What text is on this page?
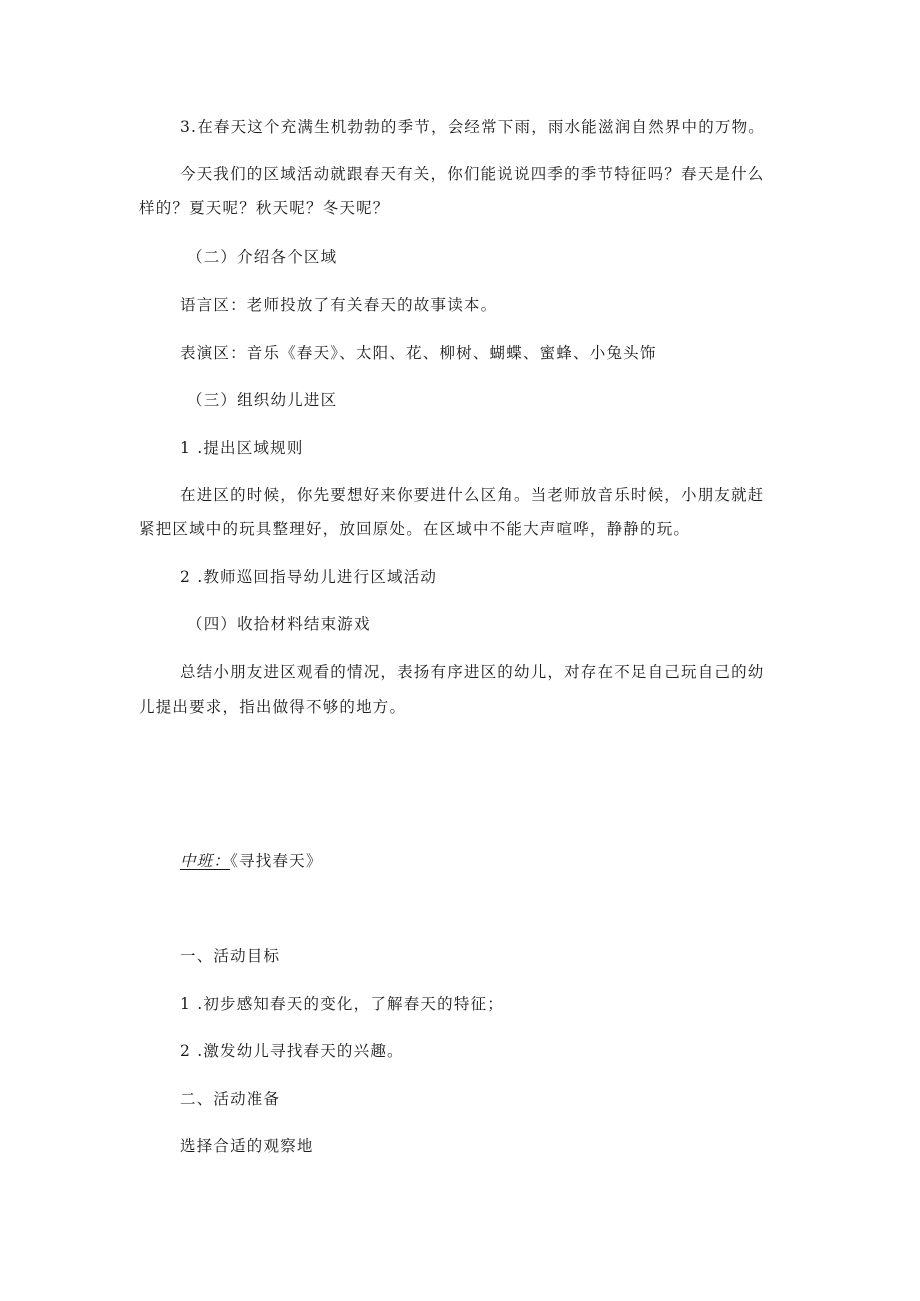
3.在春天这个充满生机勃勃的季节，会经常下雨，雨水能滋润自然界中的万物。
今天我们的区域活动就跟春天有关，你们能说说四季的季节特征吗？春天是什么
样的？夏天呢？秋天呢？冬天呢？
（二）介绍各个区域
语言区：老师投放了有关春天的故事读本。
表演区：音乐《春天》、太阳、花、柳树、蝴蝶、蜜蜂、小兔头饰
（三）组织幼儿进区
1 .提出区域规则
在进区的时候，你先要想好来你要进什么区角。当老师放音乐时候，小朋友就赶
紧把区域中的玩具整理好，放回原处。在区域中不能大声喧哗，静静的玩。
2 .教师巡回指导幼儿进行区域活动
（四）收拾材料结束游戏
总结小朋友进区观看的情况，表扬有序进区的幼儿，对存在不足自己玩自己的幼
儿提出要求，指出做得不够的地方。
中班：《寻找春天》
一、活动目标
1 .初步感知春天的变化，了解春天的特征；
2 .激发幼儿寻找春天的兴趣。
二、活动准备
选择合适的观察地
